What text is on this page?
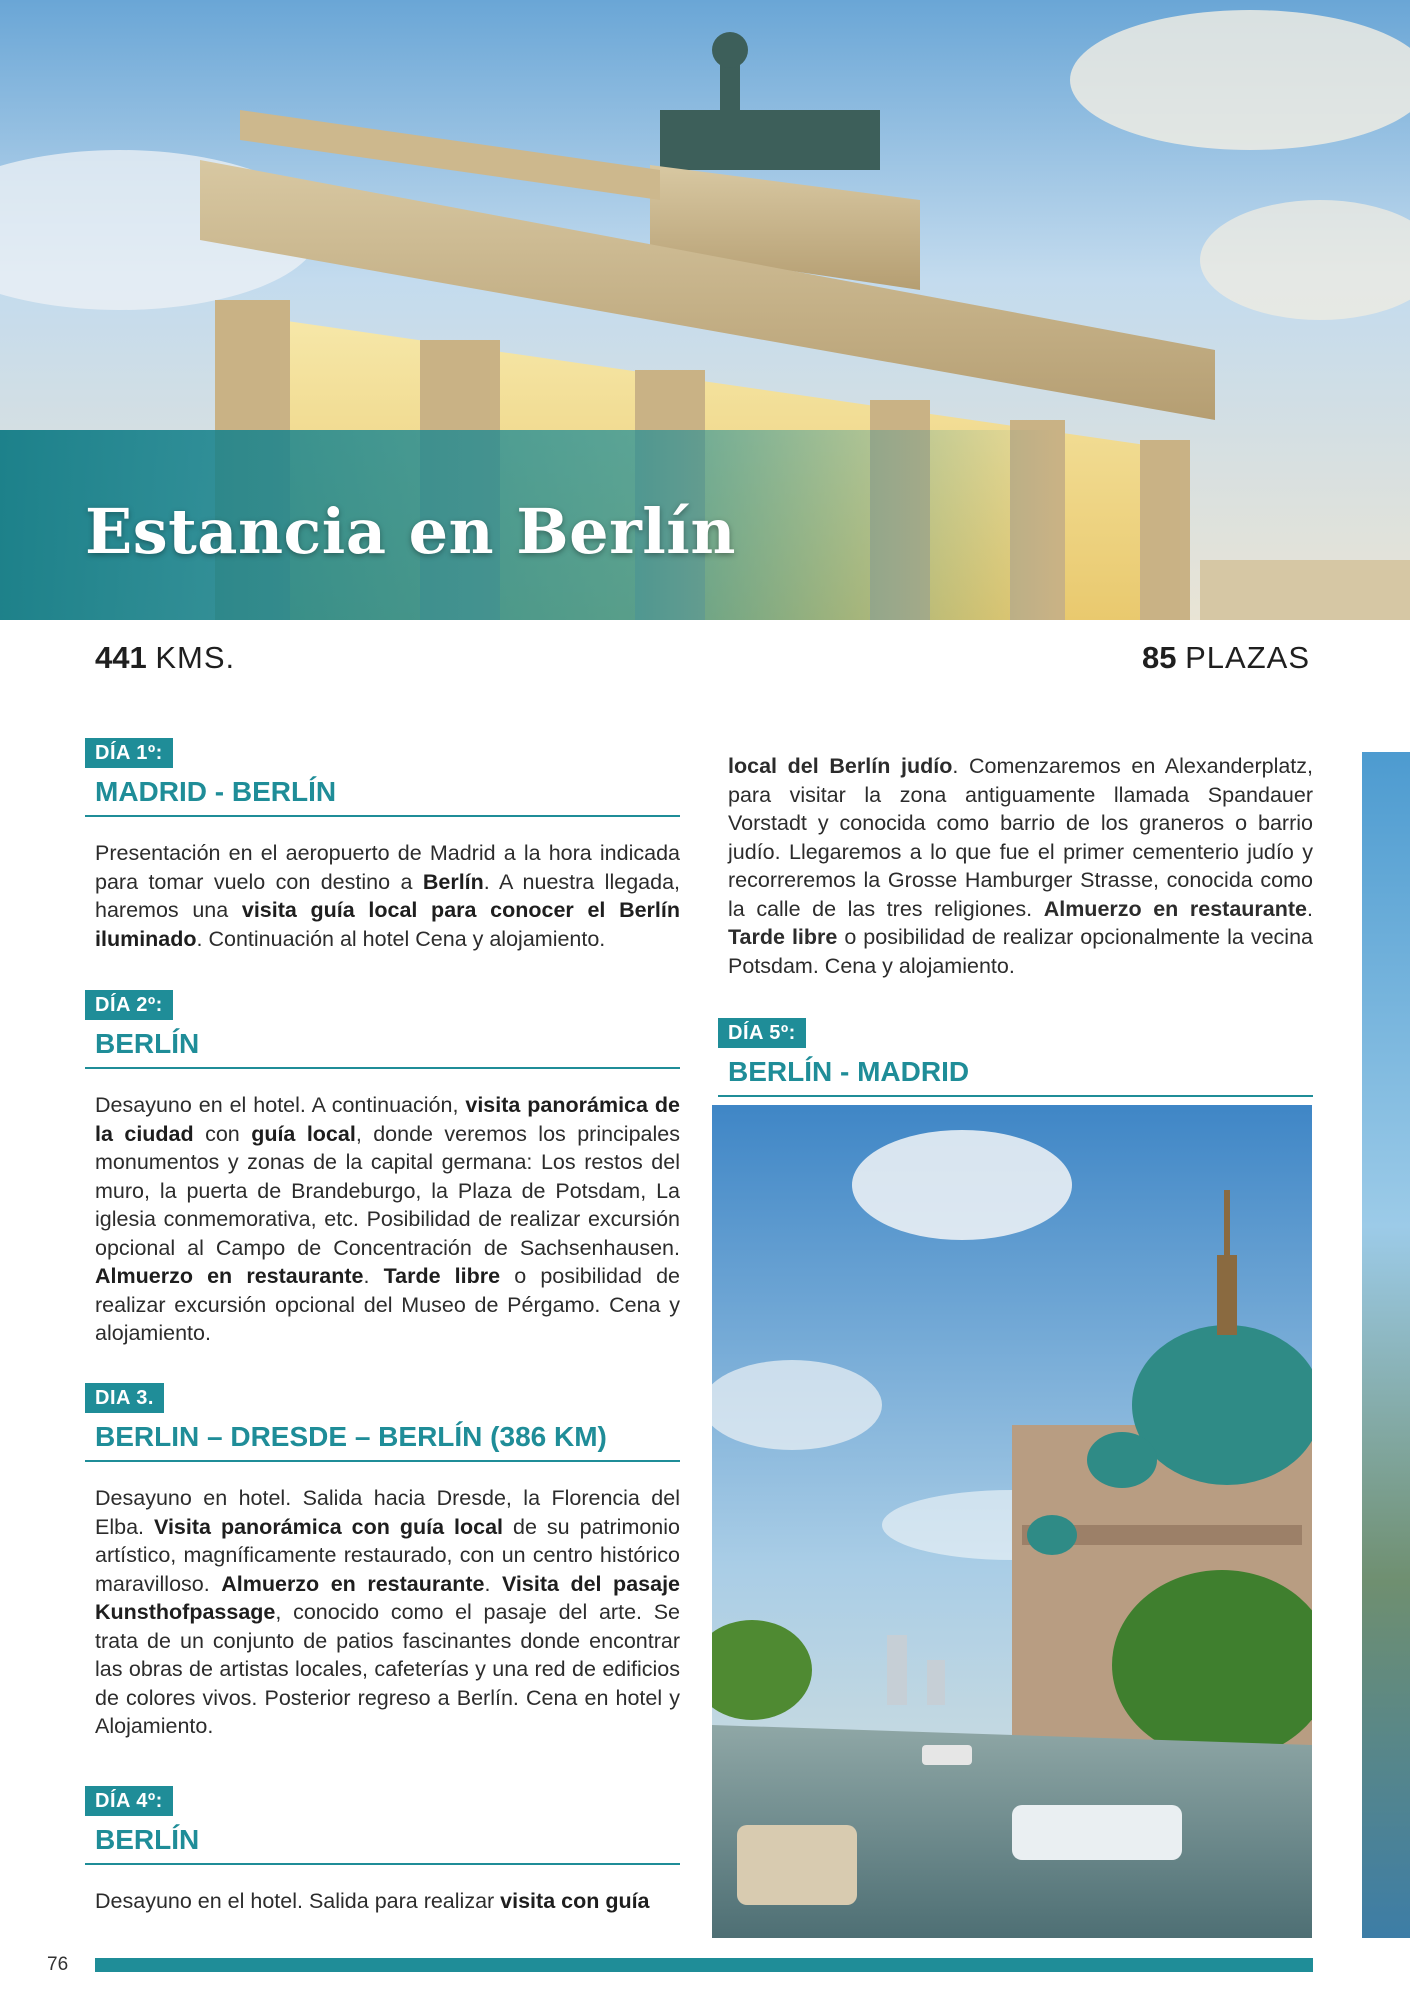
Estancia en Berlín
441 KMS.	85 PLAZAS
DÍA 1º:
MADRID - BERLÍN
Presentación en el aeropuerto de Madrid a la hora indicada para tomar vuelo con destino a Berlín. A nuestra llegada, haremos una visita guía local para conocer el Berlín iluminado. Continuación al hotel Cena y alojamiento.
DÍA 2º:
BERLÍN
Desayuno en el hotel. A continuación, visita panorámica de la ciudad con guía local, donde veremos los principales monumentos y zonas de la capital germana: Los restos del muro, la puerta de Brandeburgo, la Plaza de Potsdam, La iglesia conmemorativa, etc. Posibilidad de realizar excursión opcional al Campo de Concentración de Sachsenhausen. Almuerzo en restaurante. Tarde libre o posibilidad de realizar excursión opcional del Museo de Pérgamo. Cena y alojamiento.
DIA 3.
BERLIN – DRESDE – BERLÍN (386 KM)
Desayuno en hotel. Salida hacia Dresde, la Florencia del Elba. Visita panorámica con guía local de su patrimonio artístico, magníficamente restaurado, con un centro histórico maravilloso. Almuerzo en restaurante. Visita del pasaje Kunsthofpassage, conocido como el pasaje del arte. Se trata de un conjunto de patios fascinantes donde encontrar las obras de artistas locales, cafeterías y una red de edificios de colores vivos. Posterior regreso a Berlín. Cena en hotel y Alojamiento.
DÍA 4º:
BERLÍN
Desayuno en el hotel. Salida para realizar visita con guía
local del Berlín judío. Comenzaremos en Alexanderplatz, para visitar la zona antiguamente llamada Spandauer Vorstadt y conocida como barrio de los graneros o barrio judío. Llegaremos a lo que fue el primer cementerio judío y recorreremos la Grosse Hamburger Strasse, conocida como la calle de las tres religiones. Almuerzo en restaurante. Tarde libre o posibilidad de realizar opcionalmente la vecina Potsdam. Cena y alojamiento.
DÍA 5º:
BERLÍN - MADRID
76
